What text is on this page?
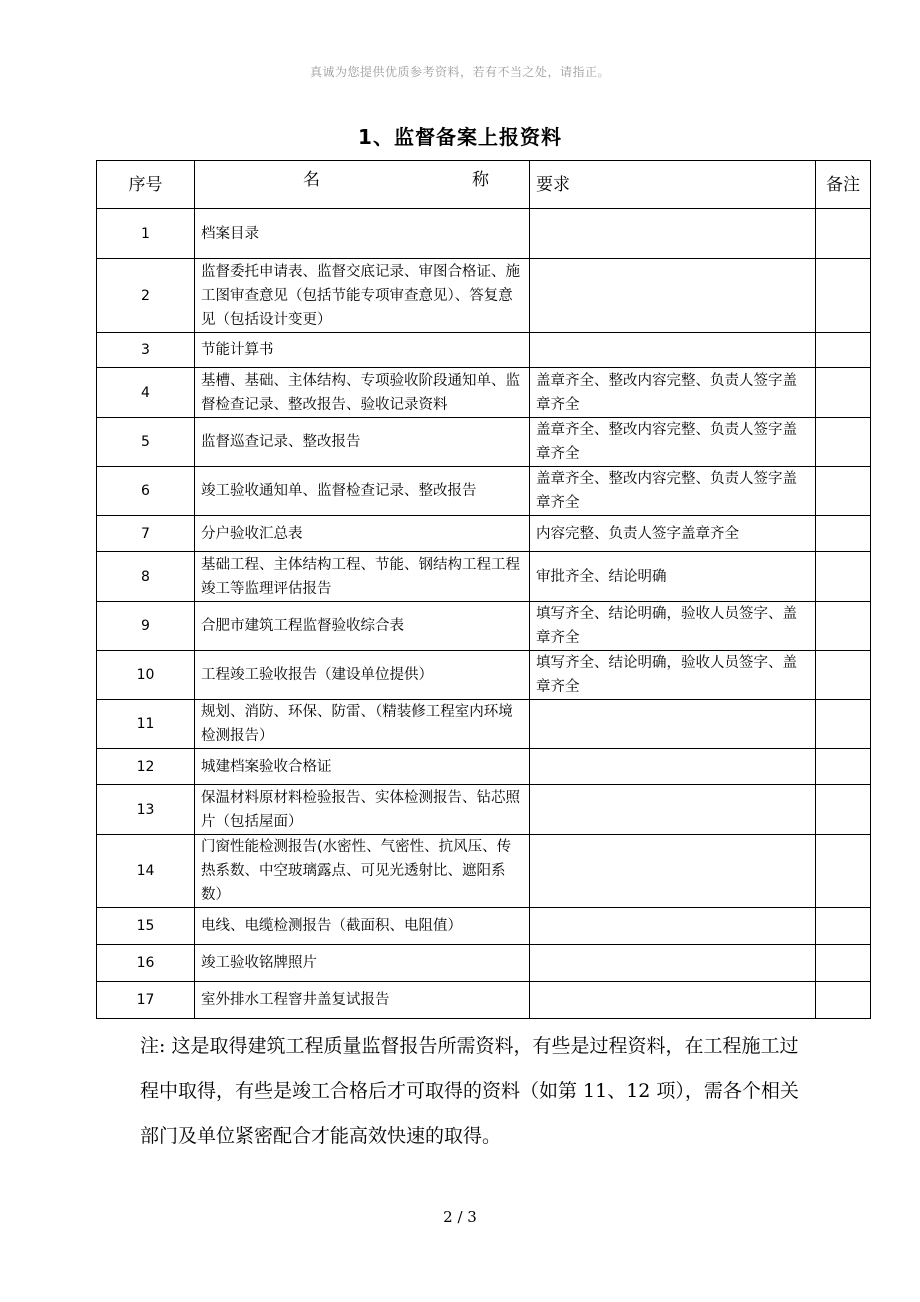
真诚为您提供优质参考资料，若有不当之处，请指正。
1、监督备案上报资料
序号	名 称	要求	备注
1	档案目录		
2	监督委托申请表、监督交底记录、审图合格证、施工图审查意见（包括节能专项审查意见）、答复意见（包括设计变更）		
3	节能计算书		
4	基槽、基础、主体结构、专项验收阶段通知单、监督检查记录、整改报告、验收记录资料	盖章齐全、整改内容完整、负责人签字盖章齐全	
5	监督巡查记录、整改报告	盖章齐全、整改内容完整、负责人签字盖章齐全	
6	竣工验收通知单、监督检查记录、整改报告	盖章齐全、整改内容完整、负责人签字盖章齐全	
7	分户验收汇总表	内容完整、负责人签字盖章齐全	
8	基础工程、主体结构工程、节能、钢结构工程工程竣工等监理评估报告	审批齐全、结论明确	
9	合肥市建筑工程监督验收综合表	填写齐全、结论明确，验收人员签字、盖章齐全	
10	工程竣工验收报告（建设单位提供）	填写齐全、结论明确，验收人员签字、盖章齐全	
11	规划、消防、环保、防雷、（精装修工程室内环境检测报告）		
12	城建档案验收合格证		
13	保温材料原材料检验报告、实体检测报告、钻芯照片（包括屋面）		
14	门窗性能检测报告(水密性、气密性、抗风压、传热系数、中空玻璃露点、可见光透射比、遮阳系数）		
15	电线、电缆检测报告（截面积、电阻值）		
16	竣工验收铭牌照片		
17	室外排水工程窨井盖复试报告		
注: 这是取得建筑工程质量监督报告所需资料，有些是过程资料，在工程施工过程中取得，有些是竣工合格后才可取得的资料（如第 11、12 项），需各个相关部门及单位紧密配合才能高效快速的取得。
2 / 3
